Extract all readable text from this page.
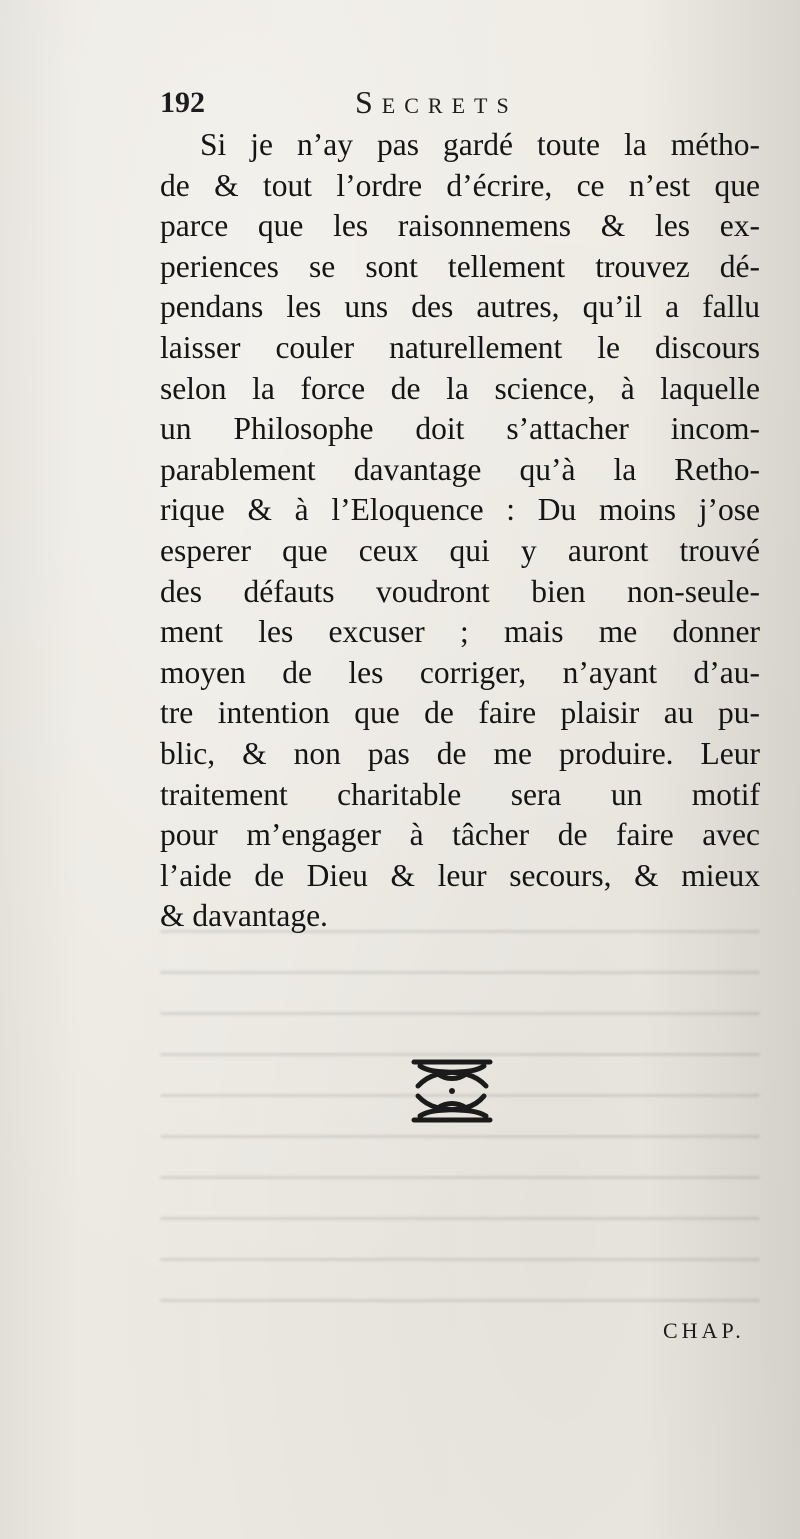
192	Secrets
Si je n’ay pas gardé toute la métho-
de & tout l’ordre d’écrire, ce n’est que
parce que les raisonnemens & les ex-
periences se sont tellement trouvez dé-
pendans les uns des autres, qu’il a fallu
laisser couler naturellement le discours
selon la force de la science, à laquelle
un Philosophe doit s’attacher incom-
parablement davantage qu’à la Retho-
rique & à l’Eloquence : Du moins j’ose
esperer que ceux qui y auront trouvé
des défauts voudront bien non-seule-
ment les excuser ; mais me donner
moyen de les corriger, n’ayant d’au-
tre intention que de faire plaisir au pu-
blic, & non pas de me produire. Leur
traitement charitable sera un motif
pour m’engager à tâcher de faire avec
l’aide de Dieu & leur secours, & mieux
& davantage.
CHAP.
